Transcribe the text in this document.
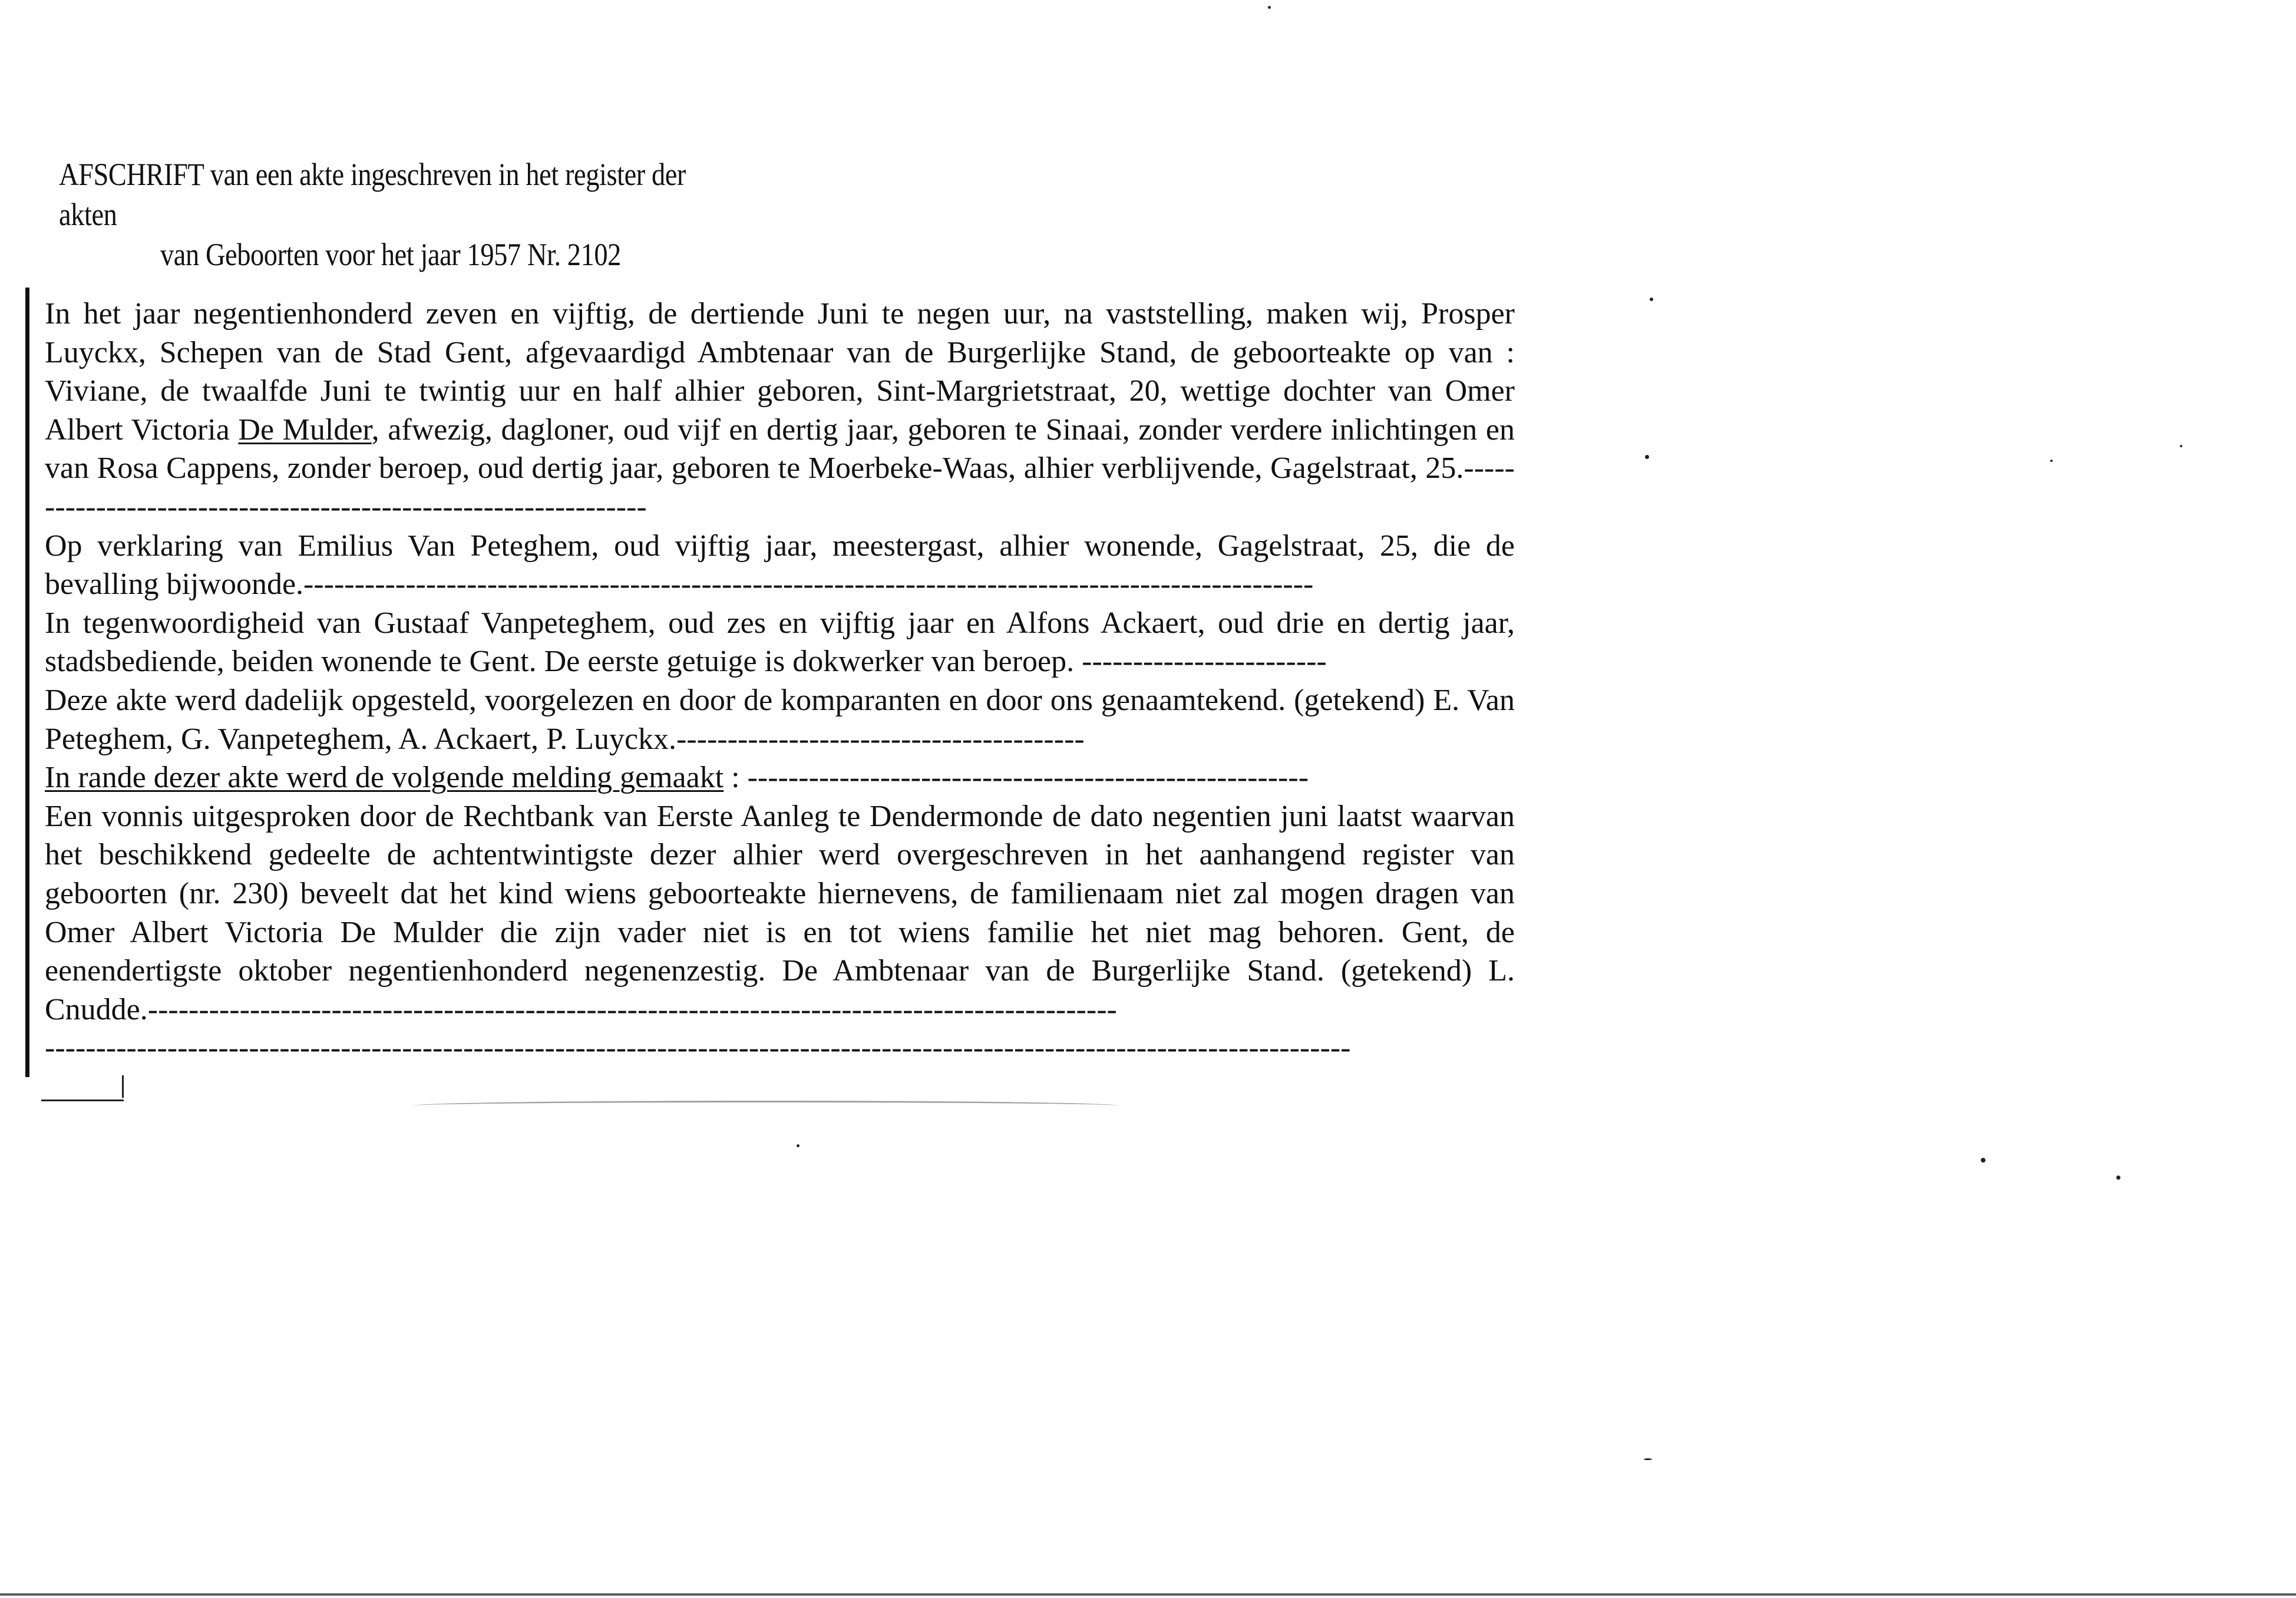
AFSCHRIFT van een akte ingeschreven in het register der akten
van Geboorten voor het jaar 1957 Nr. 2102

In het jaar negentienhonderd zeven en vijftig, de dertiende Juni te negen uur, na vaststelling, maken wij, Prosper Luyckx, Schepen van de Stad Gent, afgevaardigd Ambtenaar van de Burgerlijke Stand, de geboorteakte op van : Viviane, de twaalfde Juni te twintig uur en half alhier geboren, Sint-Margrietstraat, 20, wettige dochter van Omer Albert Victoria De Mulder, afwezig, dagloner, oud vijf en dertig jaar, geboren te Sinaai, zonder verdere inlichtingen en van Rosa Cappens, zonder beroep, oud dertig jaar, geboren te Moerbeke-Waas, alhier verblijvende, Gagelstraat, 25.----------------------------------------------------------------

Op verklaring van Emilius Van Peteghem, oud vijftig jaar, meestergast, alhier wonende, Gagelstraat, 25, die de bevalling bijwoonde.---------------------------------------------------------------------------------------------------

In tegenwoordigheid van Gustaaf Vanpeteghem, oud zes en vijftig jaar en Alfons Ackaert, oud drie en dertig jaar, stadsbediende, beiden wonende te Gent. De eerste getuige is dokwerker van beroep. ------------------------

Deze akte werd dadelijk opgesteld, voorgelezen en door de komparanten en door ons genaamtekend. (getekend) E. Van Peteghem, G. Vanpeteghem, A. Ackaert, P. Luyckx.----------------------------------------

In rande dezer akte werd de volgende melding gemaakt : -------------------------------------------------------

Een vonnis uitgesproken door de Rechtbank van Eerste Aanleg te Dendermonde de dato negentien juni laatst waarvan het beschikkend gedeelte de achtentwintigste dezer alhier werd overgeschreven in het aanhangend register van geboorten (nr. 230) beveelt dat het kind wiens geboorteakte hiernevens, de familienaam niet zal mogen dragen van Omer Albert Victoria De Mulder die zijn vader niet is en tot wiens familie het niet mag behoren. Gent, de eenendertigste oktober negentienhonderd negenenzestig. De Ambtenaar van de Burgerlijke Stand. (getekend) L. Cnudde.-----------------------------------------------------------------------------------------------

--------------------------------------------------------------------------------------------------------------------------------
